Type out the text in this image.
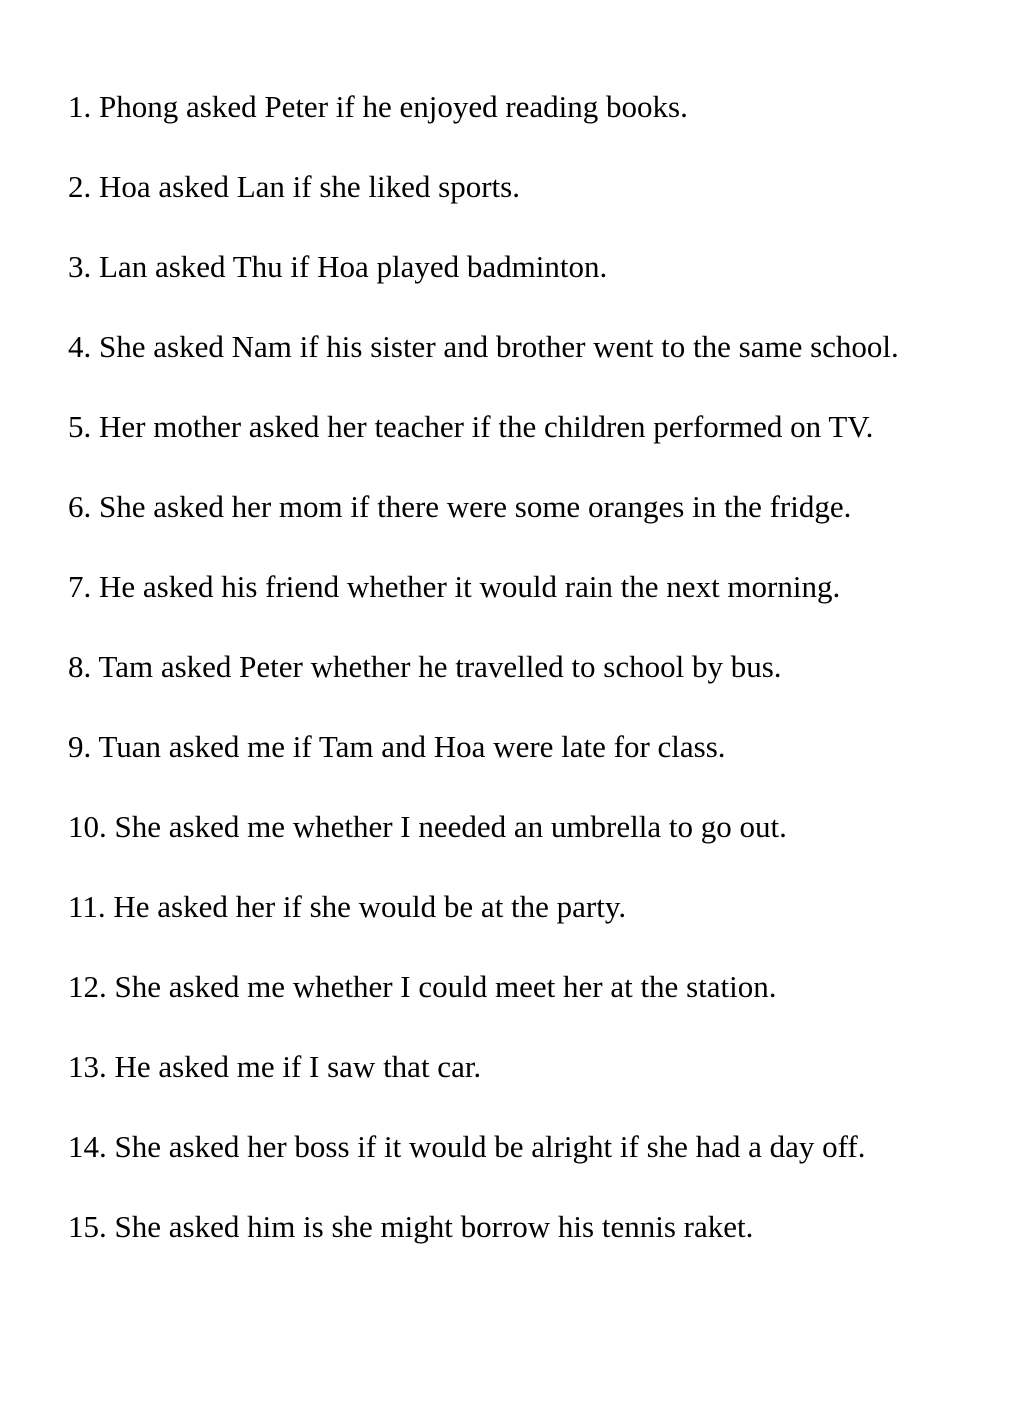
1. Phong asked Peter if he enjoyed reading books.

2. Hoa asked Lan if she liked sports.

3. Lan asked Thu if Hoa played badminton.

4. She asked Nam if his sister and brother went to the same school.

5. Her mother asked her teacher if the children performed on TV.

6. She asked her mom if there were some oranges in the fridge.

7. He asked his friend whether it would rain the next morning.

8. Tam asked Peter whether he travelled to school by bus.

9. Tuan asked me if Tam and Hoa were late for class.

10. She asked me whether I needed an umbrella to go out.

11. He asked her if she would be at the party.

12. She asked me whether I could meet her at the station.

13. He asked me if I saw that car.

14. She asked her boss if it would be alright if she had a day off.

15. She asked him is she might borrow his tennis raket.
